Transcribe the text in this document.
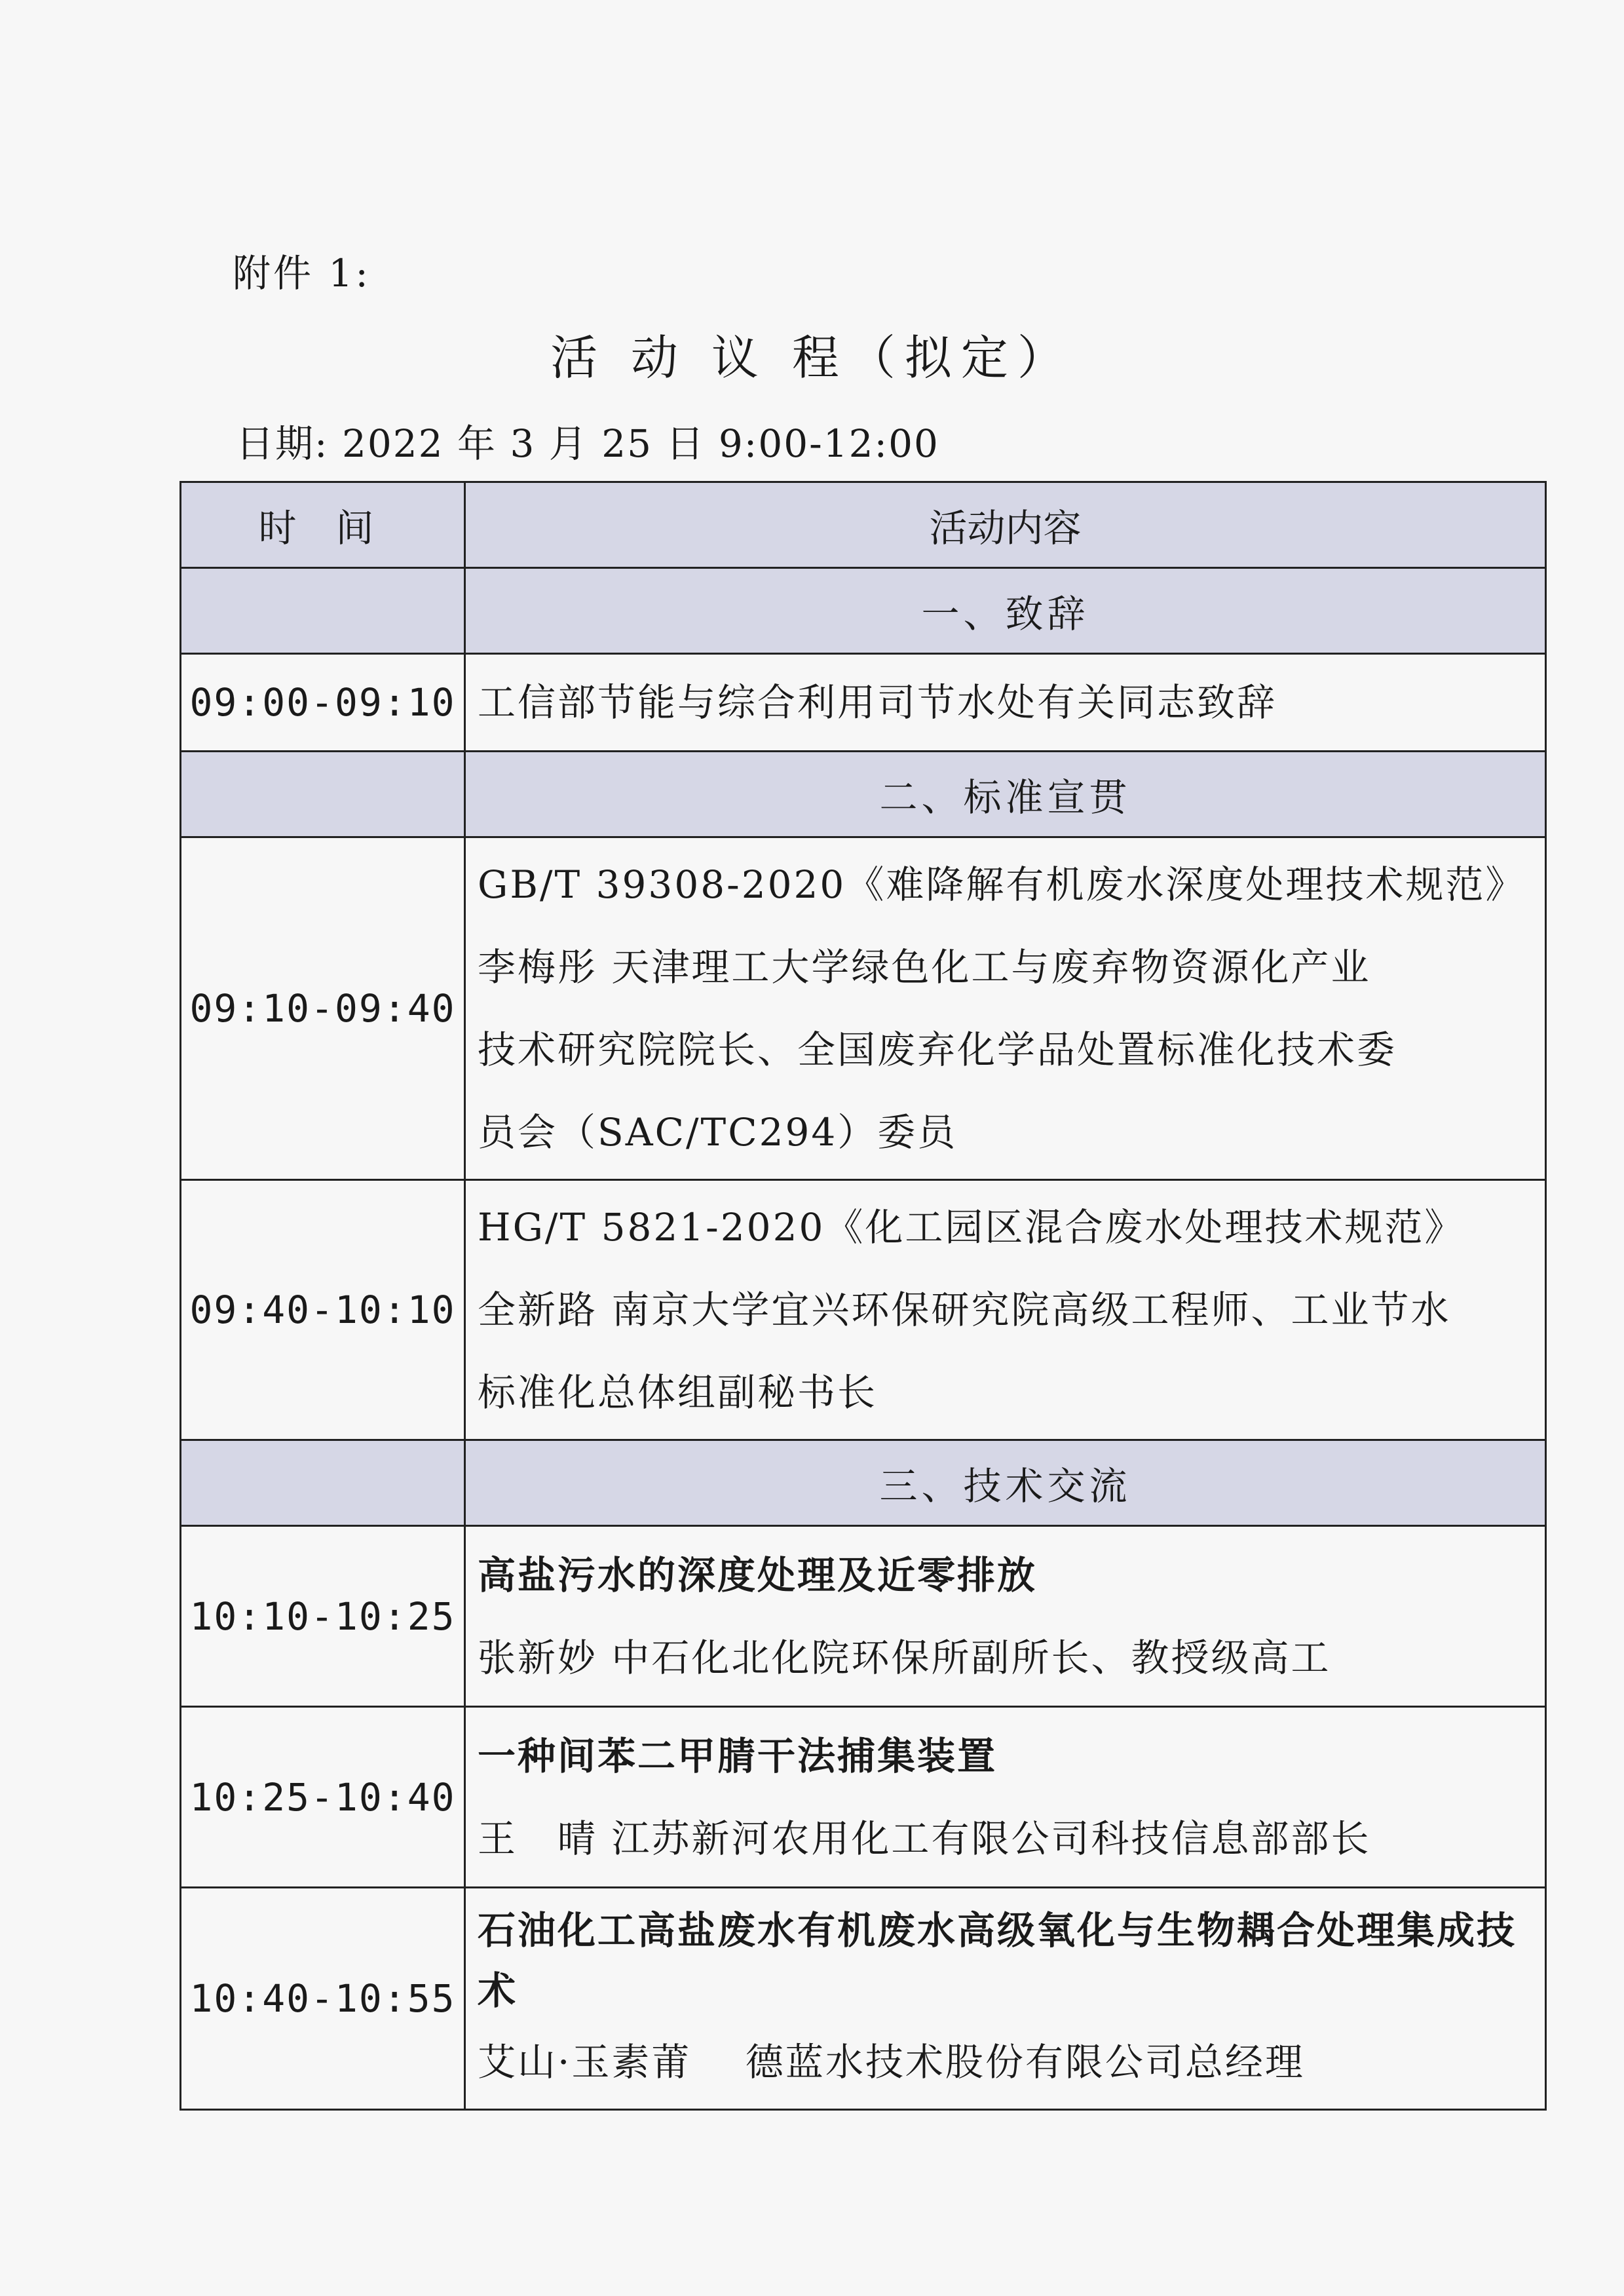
附件 1:
活 动 议 程（拟定）
日期: 2022 年 3 月 25 日 9:00-12:00
时间	活动内容
	一、致辞
09:00-09:10	工信部节能与综合利用司节水处有关同志致辞

	二、标准宣贯
09:10-09:40	GB/T 39308-2020《难降解有机废水深度处理技术规范》
李梅彤 天津理工大学绿色化工与废弃物资源化产业
技术研究院院长、全国废弃化学品处置标准化技术委
员会（SAC/TC294）委员

09:40-10:10	HG/T 5821-2020《化工园区混合废水处理技术规范》
全新路 南京大学宜兴环保研究院高级工程师、工业节水
标准化总体组副秘书长

	三、技术交流
10:10-10:25	高盐污水的深度处理及近零排放
张新妙 中石化北化院环保所副所长、教授级高工

10:25-10:40	一种间苯二甲腈干法捕集装置
王　晴 江苏新河农用化工有限公司科技信息部部长

10:40-10:55	石油化工高盐废水有机废水高级氧化与生物耦合处理集成技术
艾山·玉素莆　 德蓝水技术股份有限公司总经理
